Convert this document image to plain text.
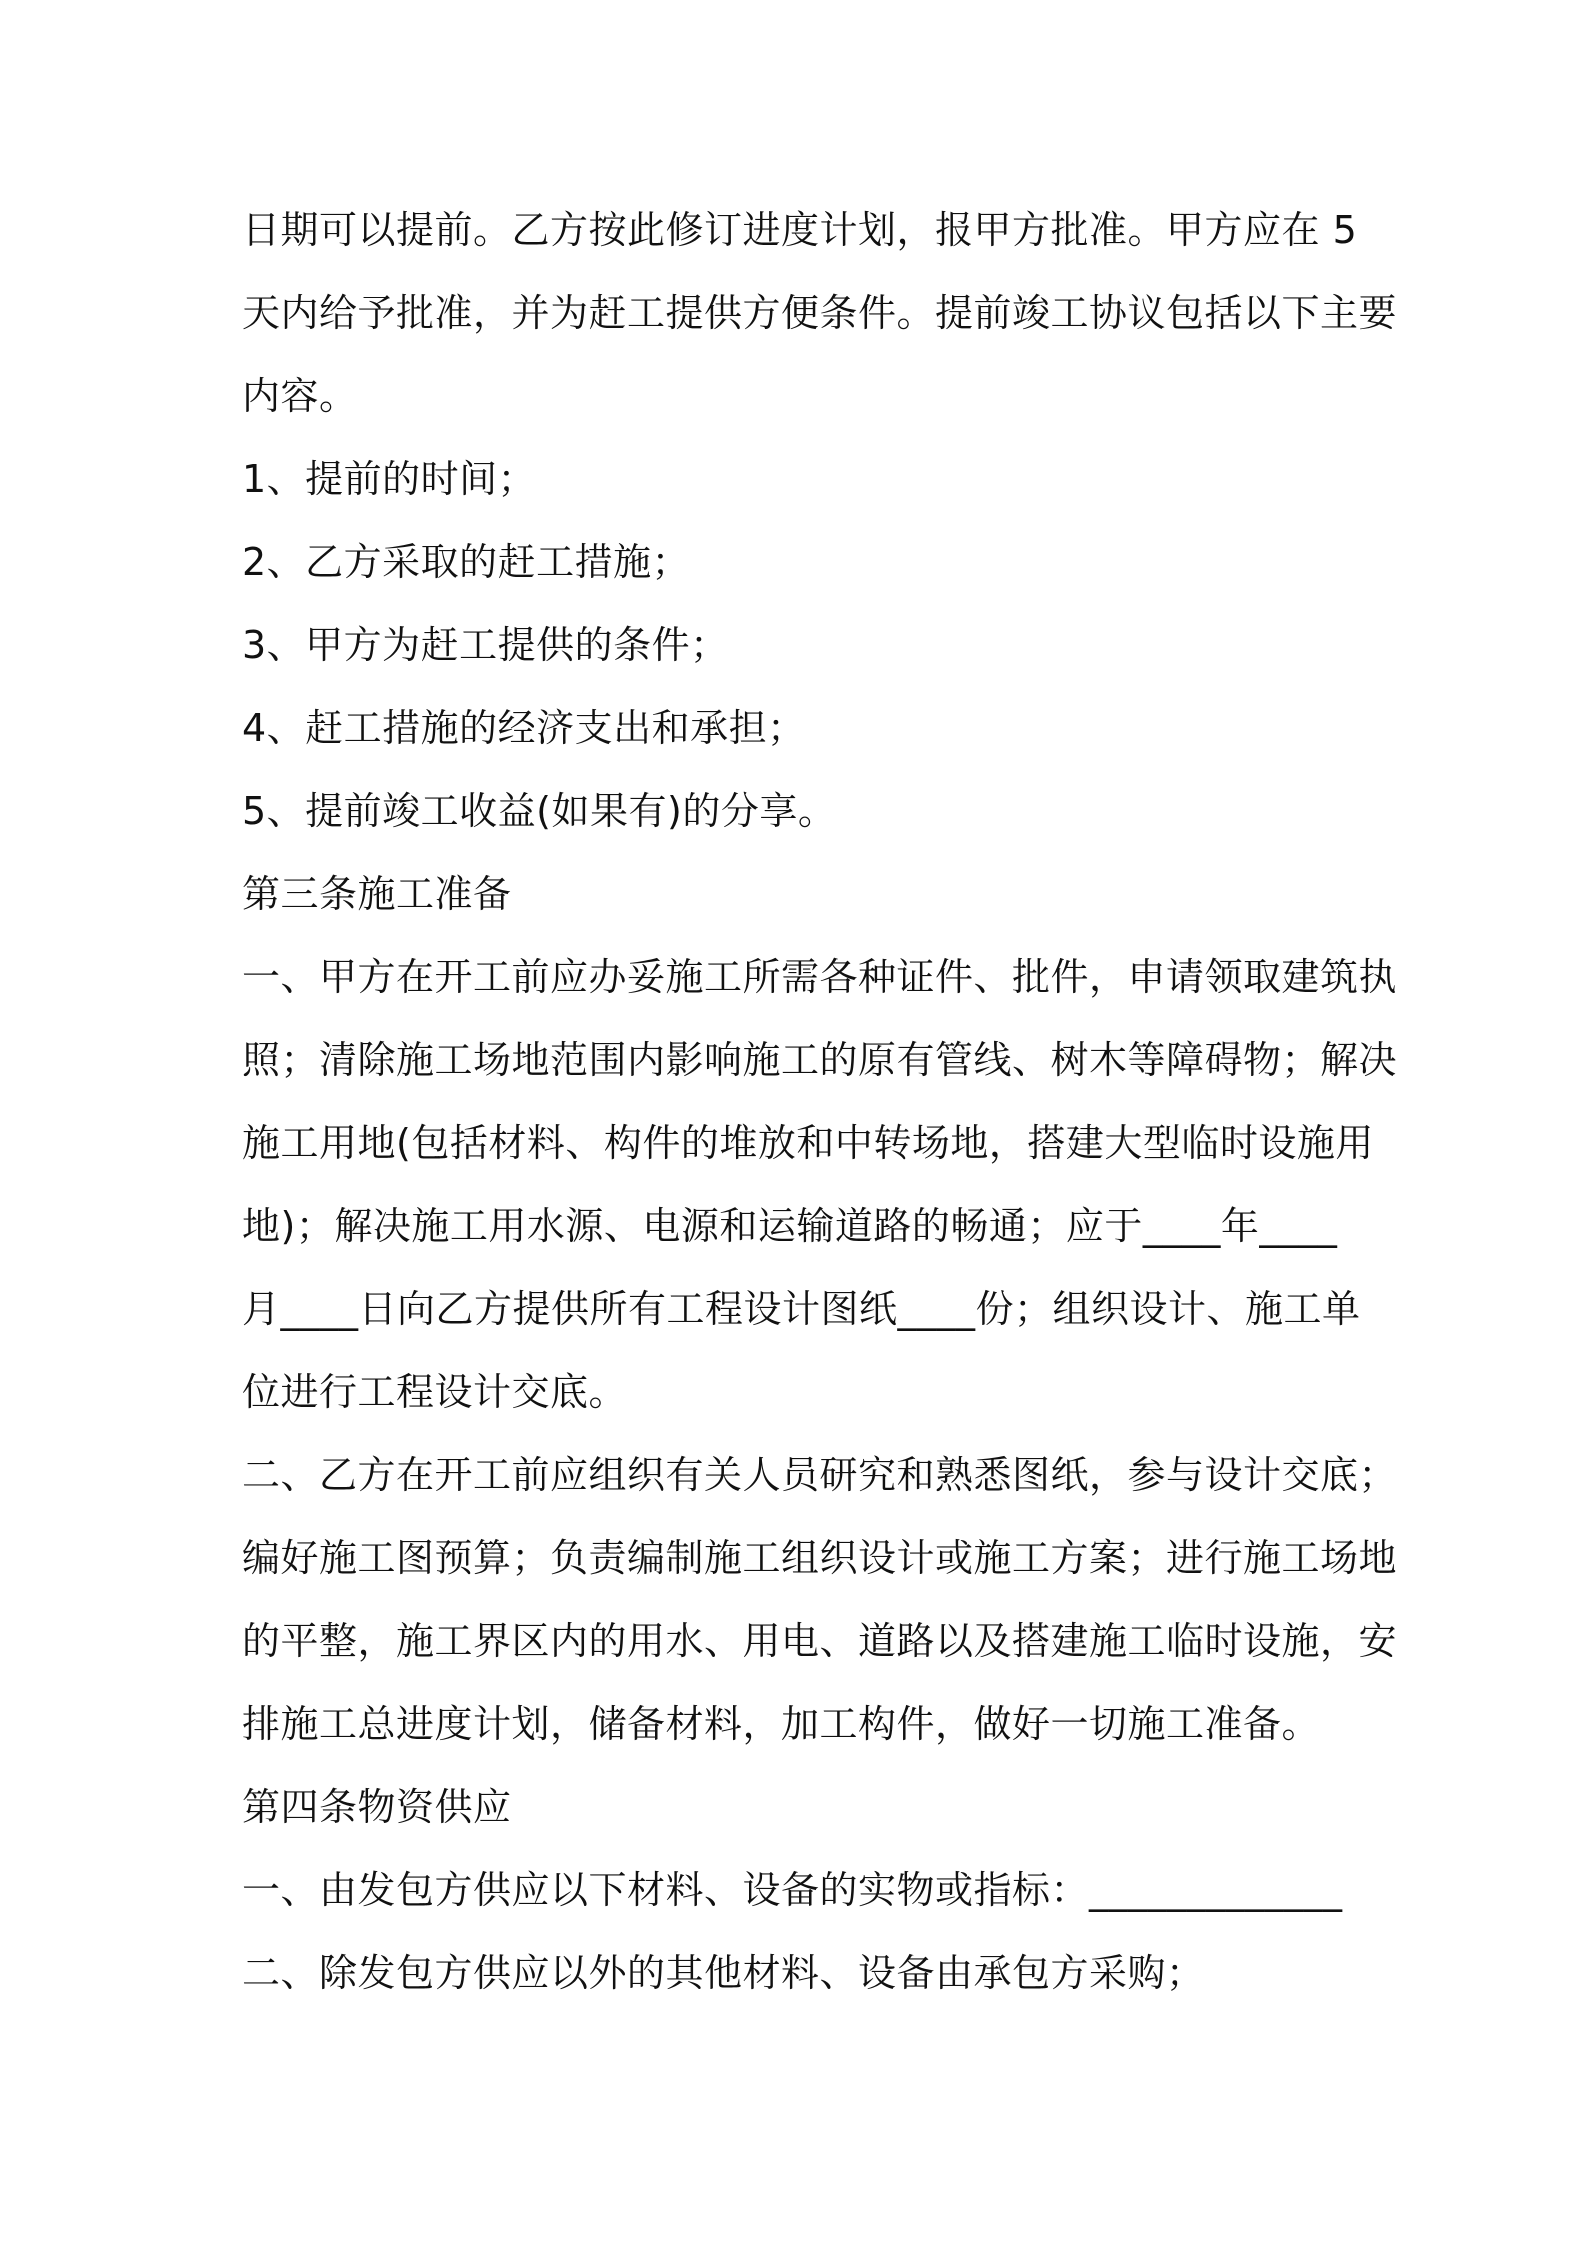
日期可以提前。乙方按此修订进度计划，报甲方批准。甲方应在 5
天内给予批准，并为赶工提供方便条件。提前竣工协议包括以下主要
内容。
1、提前的时间；
2、乙方采取的赶工措施；
3、甲方为赶工提供的条件；
4、赶工措施的经济支出和承担；
5、提前竣工收益(如果有)的分享。
第三条施工准备
一、甲方在开工前应办妥施工所需各种证件、批件，申请领取建筑执
照；清除施工场地范围内影响施工的原有管线、树木等障碍物；解决
施工用地(包括材料、构件的堆放和中转场地，搭建大型临时设施用
地)；解决施工用水源、电源和运输道路的畅通；应于____年____
月____日向乙方提供所有工程设计图纸____份；组织设计、施工单
位进行工程设计交底。
二、乙方在开工前应组织有关人员研究和熟悉图纸，参与设计交底；
编好施工图预算；负责编制施工组织设计或施工方案；进行施工场地
的平整，施工界区内的用水、用电、道路以及搭建施工临时设施，安
排施工总进度计划，储备材料，加工构件，做好一切施工准备。
第四条物资供应
一、由发包方供应以下材料、设备的实物或指标：_____________
二、除发包方供应以外的其他材料、设备由承包方采购；
